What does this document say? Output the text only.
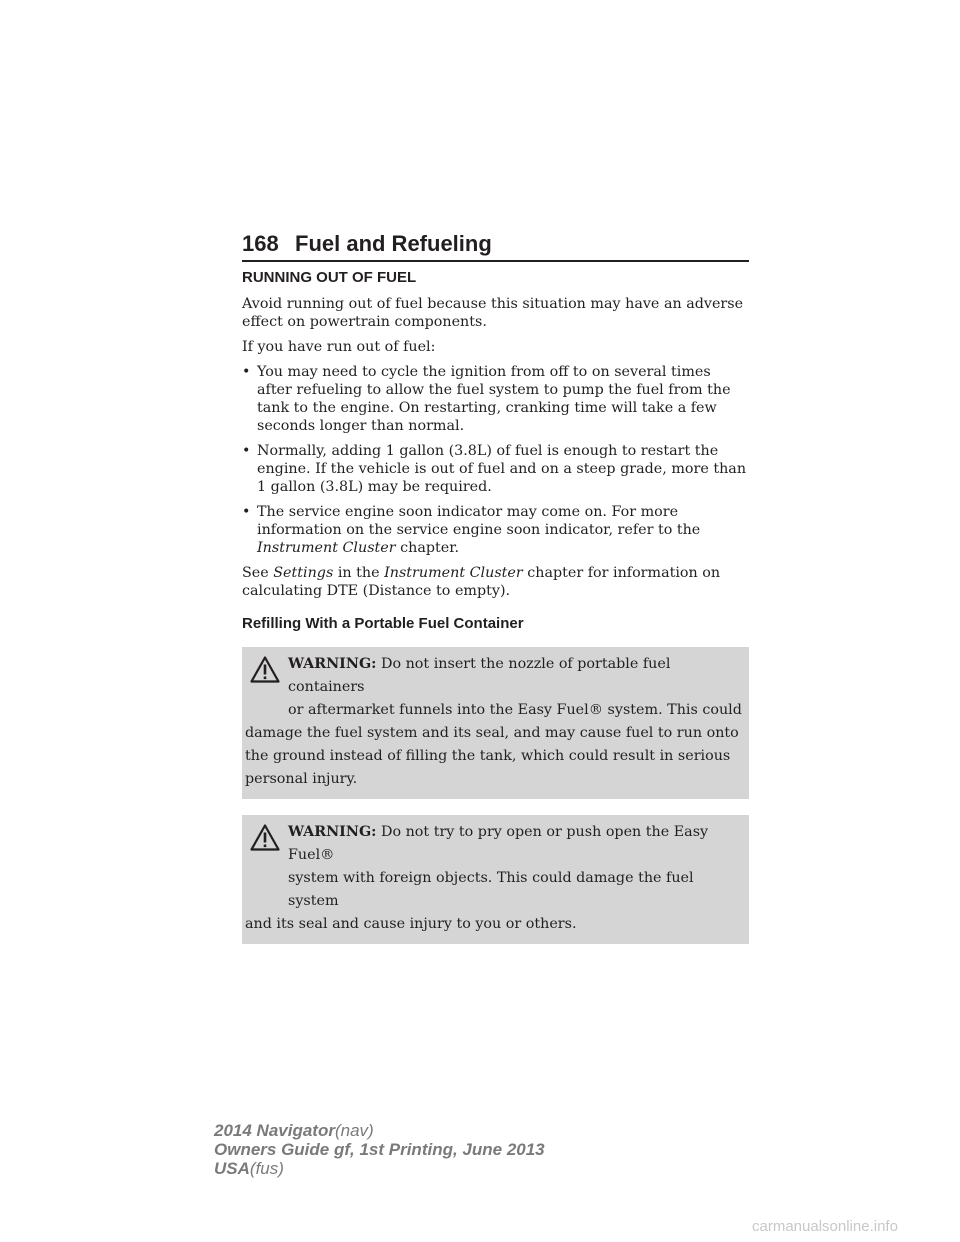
168 Fuel and Refueling
RUNNING OUT OF FUEL

Avoid running out of fuel because this situation may have an adverse effect on powertrain components.

If you have run out of fuel:

• You may need to cycle the ignition from off to on several times after refueling to allow the fuel system to pump the fuel from the tank to the engine. On restarting, cranking time will take a few seconds longer than normal.
• Normally, adding 1 gallon (3.8L) of fuel is enough to restart the engine. If the vehicle is out of fuel and on a steep grade, more than 1 gallon (3.8L) may be required.
• The service engine soon indicator may come on. For more information on the service engine soon indicator, refer to the Instrument Cluster chapter.

See Settings in the Instrument Cluster chapter for information on calculating DTE (Distance to empty).

Refilling With a Portable Fuel Container
WARNING: Do not insert the nozzle of portable fuel containers
or aftermarket funnels into the Easy Fuel® system. This could
damage the fuel system and its seal, and may cause fuel to run onto the ground instead of filling the tank, which could result in serious personal injury.
WARNING: Do not try to pry open or push open the Easy Fuel®
system with foreign objects. This could damage the fuel system
and its seal and cause injury to you or others.
2014 Navigator(nav)
Owners Guide gf, 1st Printing, June 2013
USA(fus)
carmanualsonline.info
